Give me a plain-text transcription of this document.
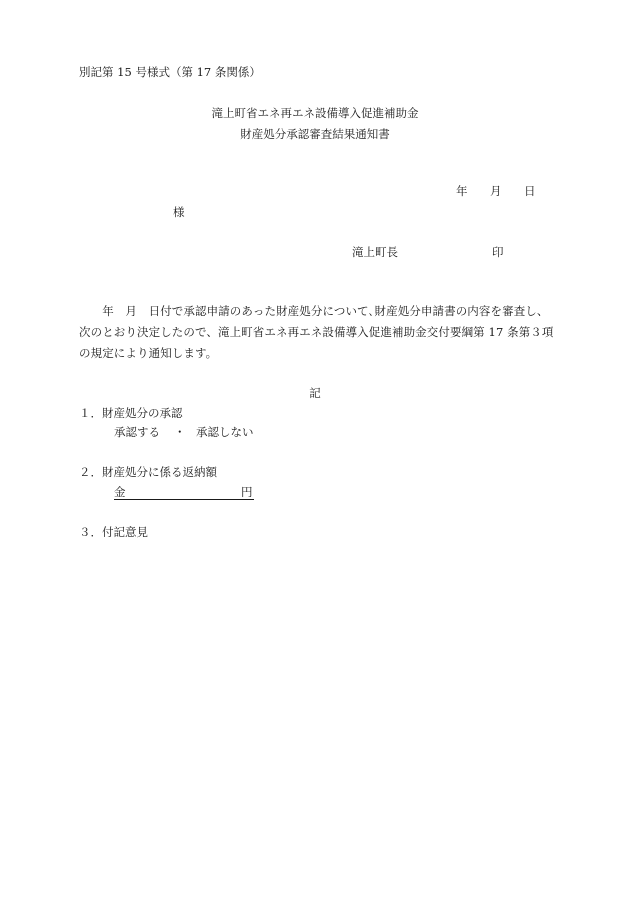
別記第 15 号様式（第 17 条関係）
滝上町省エネ再エネ設備導入促進補助金
財産処分承認審査結果通知書
年 月 日
様
滝上町長	印
　　年　月　日付で承認申請のあった財産処分について､財産処分申請書の内容を審査し、
次のとおり決定したので、滝上町省エネ再エネ設備導入促進補助金交付要綱第 17 条第３項
の規定により通知します。
記
１．財産処分の承認
承認する ・ 承認しない
２．財産処分に係る返納額
金	円
３．付記意見
